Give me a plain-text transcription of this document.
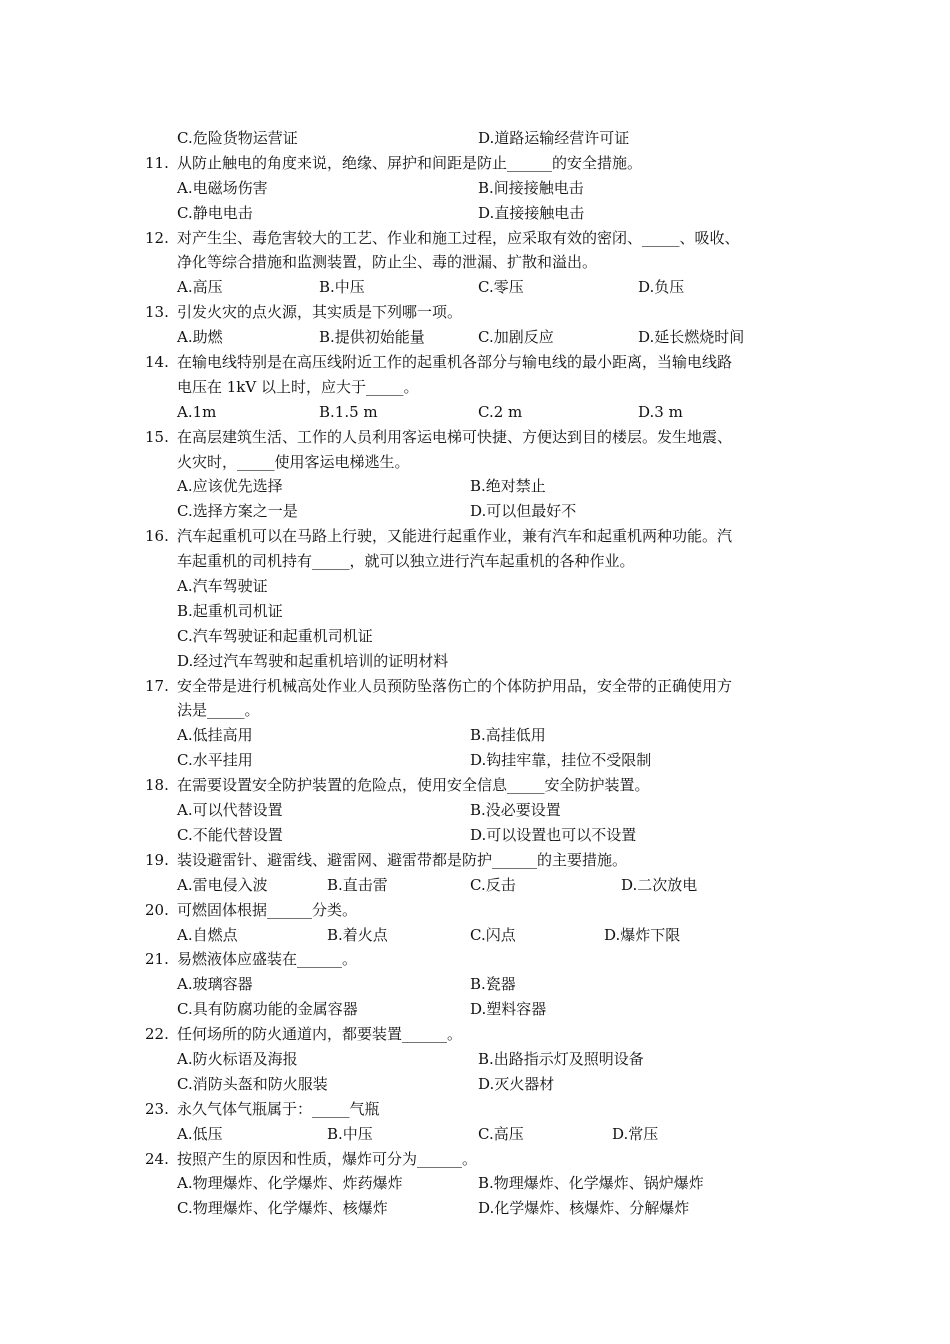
C.危险货物运营证	D.道路运输经营许可证
11. 从防止触电的角度来说，绝缘、屏护和间距是防止______的安全措施。
A.电磁场伤害	B.间接接触电击
C.静电电击	D.直接接触电击
12. 对产生尘、毒危害较大的工艺、作业和施工过程，应采取有效的密闭、_____、吸收、
净化等综合措施和监测装置，防止尘、毒的泄漏、扩散和溢出。
A.高压	B.中压	C.零压	D.负压
13. 引发火灾的点火源，其实质是下列哪一项。
A.助燃	B.提供初始能量	C.加剧反应	D.延长燃烧时间
14. 在输电线特别是在高压线附近工作的起重机各部分与输电线的最小距离，当输电线路
电压在 1kV 以上时，应大于_____。
A.1m	B.1.5 m	C.2 m	D.3 m
15. 在高层建筑生活、工作的人员利用客运电梯可快捷、方便达到目的楼层。发生地震、
火灾时，_____使用客运电梯逃生。
A.应该优先选择	B.绝对禁止
C.选择方案之一是	D.可以但最好不
16. 汽车起重机可以在马路上行驶，又能进行起重作业，兼有汽车和起重机两种功能。汽
车起重机的司机持有_____，就可以独立进行汽车起重机的各种作业。
A.汽车驾驶证
B.起重机司机证
C.汽车驾驶证和起重机司机证
D.经过汽车驾驶和起重机培训的证明材料
17. 安全带是进行机械高处作业人员预防坠落伤亡的个体防护用品，安全带的正确使用方
法是_____。
A.低挂高用	B.高挂低用
C.水平挂用	D.钩挂牢靠，挂位不受限制
18. 在需要设置安全防护装置的危险点，使用安全信息_____安全防护装置。
A.可以代替设置	B.没必要设置
C.不能代替设置	D.可以设置也可以不设置
19. 装设避雷针、避雷线、避雷网、避雷带都是防护______的主要措施。
A.雷电侵入波	B.直击雷	C.反击	D.二次放电
20. 可燃固体根据______分类。
A.自燃点	B.着火点	C.闪点	D.爆炸下限
21. 易燃液体应盛装在______。
A.玻璃容器	B.瓷器
C.具有防腐功能的金属容器	D.塑料容器
22. 任何场所的防火通道内，都要装置______。
A.防火标语及海报	B.出路指示灯及照明设备
C.消防头盔和防火服装	D.灭火器材
23. 永久气体气瓶属于：_____气瓶
A.低压	B.中压	C.高压	D.常压
24. 按照产生的原因和性质，爆炸可分为______。
A.物理爆炸、化学爆炸、炸药爆炸	B.物理爆炸、化学爆炸、锅炉爆炸
C.物理爆炸、化学爆炸、核爆炸	D.化学爆炸、核爆炸、分解爆炸
